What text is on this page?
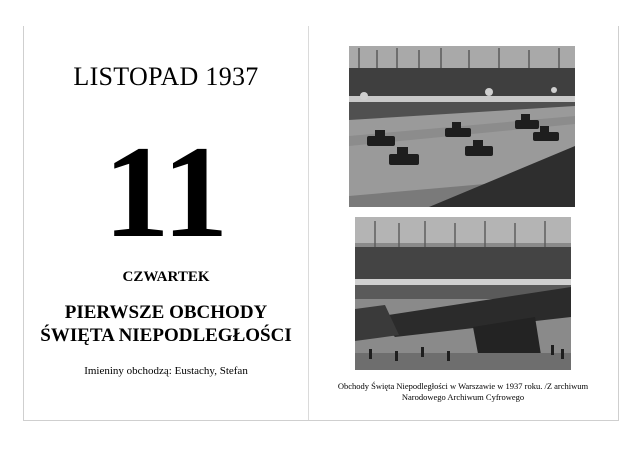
LISTOPAD 1937
11
CZWARTEK
PIERWSZE OBCHODY
ŚWIĘTA NIEPODLEGŁOŚCI
Imieniny obchodzą: Eustachy, Stefan
Obchody Święta Niepodległości w Warszawie w 1937 roku. /Z archiwum Narodowego Archiwum Cyfrowego
